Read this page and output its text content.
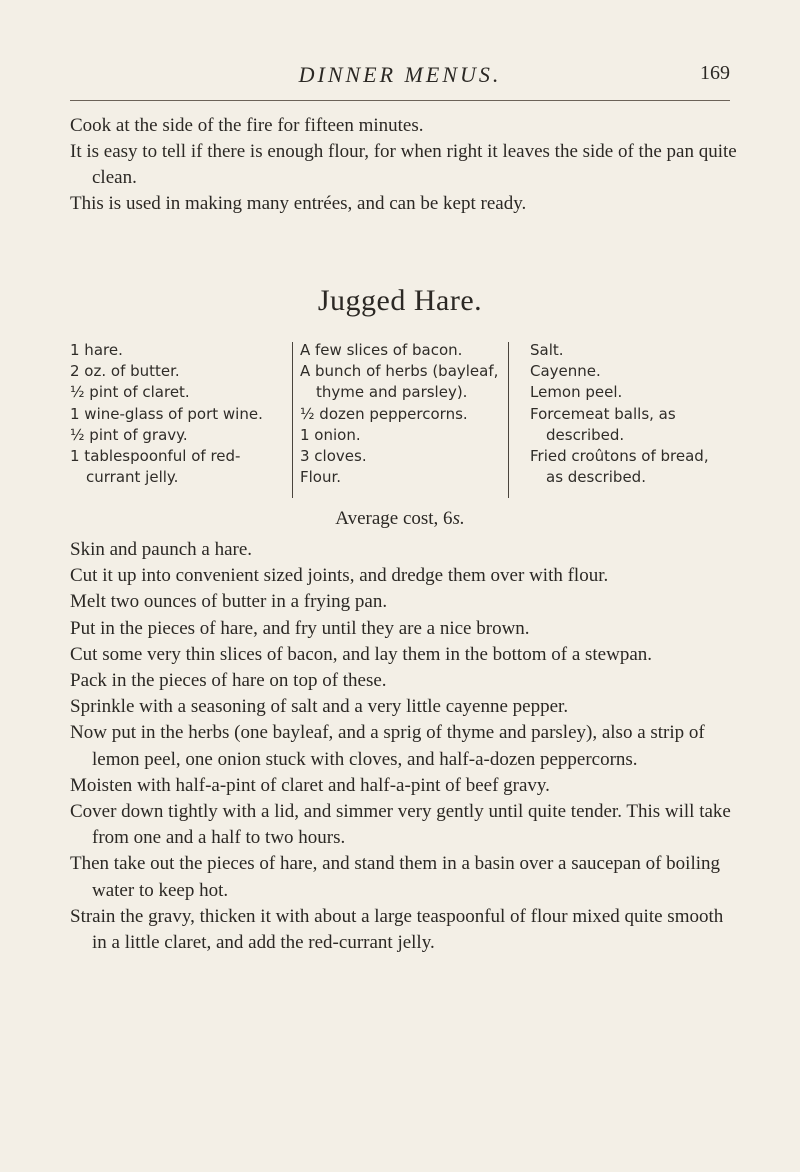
DINNER MENUS.	169

Cook at the side of the fire for fifteen minutes.

It is easy to tell if there is enough flour, for when right it leaves the side of the pan quite clean.

This is used in making many entrées, and can be kept ready.

Jugged Hare.

1 hare.

2 oz. of butter.

½ pint of claret.

1 wine-glass of port wine.

½ pint of gravy.

1 tablespoonful of red-currant jelly.

A few slices of bacon.

A bunch of herbs (bayleaf, thyme and parsley).

½ dozen peppercorns.

1 onion.

3 cloves.

Flour.

Salt.

Cayenne.

Lemon peel.

Forcemeat balls, as described.

Fried croûtons of bread, as described.

Average cost, 6s.

Skin and paunch a hare.

Cut it up into convenient sized joints, and dredge them over with flour.

Melt two ounces of butter in a frying pan.

Put in the pieces of hare, and fry until they are a nice brown.

Cut some very thin slices of bacon, and lay them in the bottom of a stewpan.

Pack in the pieces of hare on top of these.

Sprinkle with a seasoning of salt and a very little cayenne pepper.

Now put in the herbs (one bayleaf, and a sprig of thyme and parsley), also a strip of lemon peel, one onion stuck with cloves, and half-a-dozen peppercorns.

Moisten with half-a-pint of claret and half-a-pint of beef gravy.

Cover down tightly with a lid, and simmer very gently until quite tender. This will take from one and a half to two hours.

Then take out the pieces of hare, and stand them in a basin over a saucepan of boiling water to keep hot.

Strain the gravy, thicken it with about a large teaspoonful of flour mixed quite smooth in a little claret, and add the red-currant jelly.
